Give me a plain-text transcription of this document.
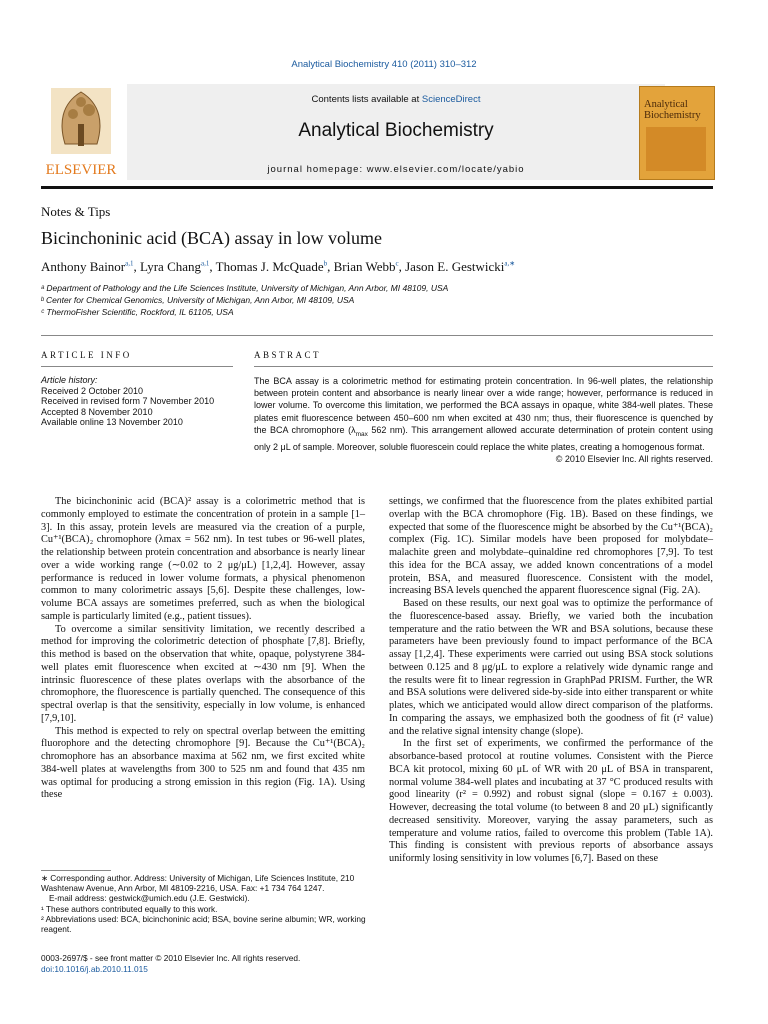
Analytical Biochemistry 410 (2011) 310–312
ELSEVIER
Contents lists available at ScienceDirect
Analytical Biochemistry
journal homepage: www.elsevier.com/locate/yabio
Analytical Biochemistry
Notes & Tips
Bicinchoninic acid (BCA) assay in low volume
Anthony Bainor$^{a,1}$, Lyra Chang$^{a,1}$, Thomas J. McQuade$^b$, Brian Webb$^c$, Jason E. Gestwicki$^{a,∗}$
ᵃ Department of Pathology and the Life Sciences Institute, University of Michigan, Ann Arbor, MI 48109, USA
ᵇ Center for Chemical Genomics, University of Michigan, Ann Arbor, MI 48109, USA
ᶜ ThermoFisher Scientific, Rockford, IL 61105, USA
ARTICLE INFO	ABSTRACT
Article history:
Received 2 October 2010
Received in revised form 7 November 2010
Accepted 8 November 2010
Available online 13 November 2010
The BCA assay is a colorimetric method for estimating protein concentration. In 96-well plates, the relationship between protein content and absorbance is nearly linear over a wide range; however, performance is reduced in lower volume. To overcome this limitation, we performed the BCA assays in opaque, white 384-well plates. These plates emit fluorescence between 450–600 nm when excited at 430 nm; thus, their fluorescence is quenched by the BCA chromophore ($\lambda_{max}$ 562 nm). This arrangement allowed accurate determination of protein content using only 2 μL of sample. Moreover, soluble fluorescein could replace the white plates, creating a homogenous format.
© 2010 Elsevier Inc. All rights reserved.

The bicinchoninic acid (BCA)² assay is a colorimetric method that is commonly employed to estimate the concentration of protein in a sample [1–3]. In this assay, protein levels are measured via the creation of a purple, Cu⁺¹(BCA)₂ chromophore (λmax = 562 nm). In test tubes or 96-well plates, the relationship between protein concentration and absorbance is nearly linear over a wide working range (∼0.02 to 2 μg/μL) [1,2,4]. However, assay performance is reduced in lower volume formats, a physical phenomenon common to many colorimetric assays [5,6]. Despite these challenges, low-volume BCA assays are sometimes preferred, such as when the biological sample is particularly limited (e.g., patient tissues).

To overcome a similar sensitivity limitation, we recently described a method for improving the colorimetric detection of phosphate [7,8]. Briefly, this method is based on the observation that white, opaque, polystyrene 384-well plates emit fluorescence when excited at ∼430 nm [9]. When the intrinsic fluorescence of these plates overlaps with the absorbance of the chromophore, the fluorescence is partially quenched. The consequence of this spectral overlap is that the sensitivity, especially in low volume, is enhanced [7,9,10].

This method is expected to rely on spectral overlap between the emitting fluorophore and the detecting chromophore [9]. Because the Cu⁺¹(BCA)₂ chromophore has an absorbance maxima at 562 nm, we first excited white 384-well plates at wavelengths from 300 to 525 nm and found that 435 nm was optimal for producing a strong emission in this region (Fig. 1A). Using these

settings, we confirmed that the fluorescence from the plates exhibited partial overlap with the BCA chromophore (Fig. 1B). Based on these findings, we expected that some of the fluorescence might be absorbed by the Cu⁺¹(BCA)₂ complex (Fig. 1C). Similar models have been proposed for molybdate–malachite green and molybdate–quinaldine red chromophores [7,9]. To test this idea for the BCA assay, we added known concentrations of a model protein, BSA, and measured fluorescence. Consistent with the model, increasing BSA levels quenched the apparent fluorescence signal (Fig. 2A).

Based on these results, our next goal was to optimize the performance of the fluorescence-based assay. Briefly, we varied both the incubation temperature and the ratio between the WR and BSA solutions, because these parameters have been previously found to impact performance of the BCA assay [1,2,4]. These experiments were carried out using BSA stock solutions between 0.125 and 8 μg/μL to explore a relatively wide dynamic range and the results were fit to linear regression in GraphPad PRISM. Further, the WR and BSA solutions were delivered side-by-side into either transparent or white plates, which we anticipated would allow direct comparison of the platforms. In comparing the assays, we emphasized both the goodness of fit (r² value) and the relative signal intensity change (slope).

In the first set of experiments, we confirmed the performance of the absorbance-based protocol at routine volumes. Consistent with the Pierce BCA kit protocol, mixing 60 μL of WR with 20 μL of BSA in transparent, normal volume 384-well plates and incubating at 37 °C produced results with good linearity (r² = 0.992) and robust signal (slope = 0.167 ± 0.003). However, decreasing the total volume (to between 8 and 20 μL) significantly decreased sensitivity. Moreover, varying the assay parameters, such as temperature and volume ratios, failed to overcome this problem (Table 1A). This finding is consistent with previous reports of absorbance assays uniformly losing sensitivity in low volumes [6,7]. Based on these

∗ Corresponding author. Address: University of Michigan, Life Sciences Institute, 210 Washtenaw Avenue, Ann Arbor, MI 48109-2216, USA. Fax: +1 734 764 1247.
E-mail address: gestwick@umich.edu (J.E. Gestwicki).
¹ These authors contributed equally to this work.
² Abbreviations used: BCA, bicinchoninic acid; BSA, bovine serine albumin; WR, working reagent.
0003-2697/$ - see front matter © 2010 Elsevier Inc. All rights reserved.
doi:10.1016/j.ab.2010.11.015
